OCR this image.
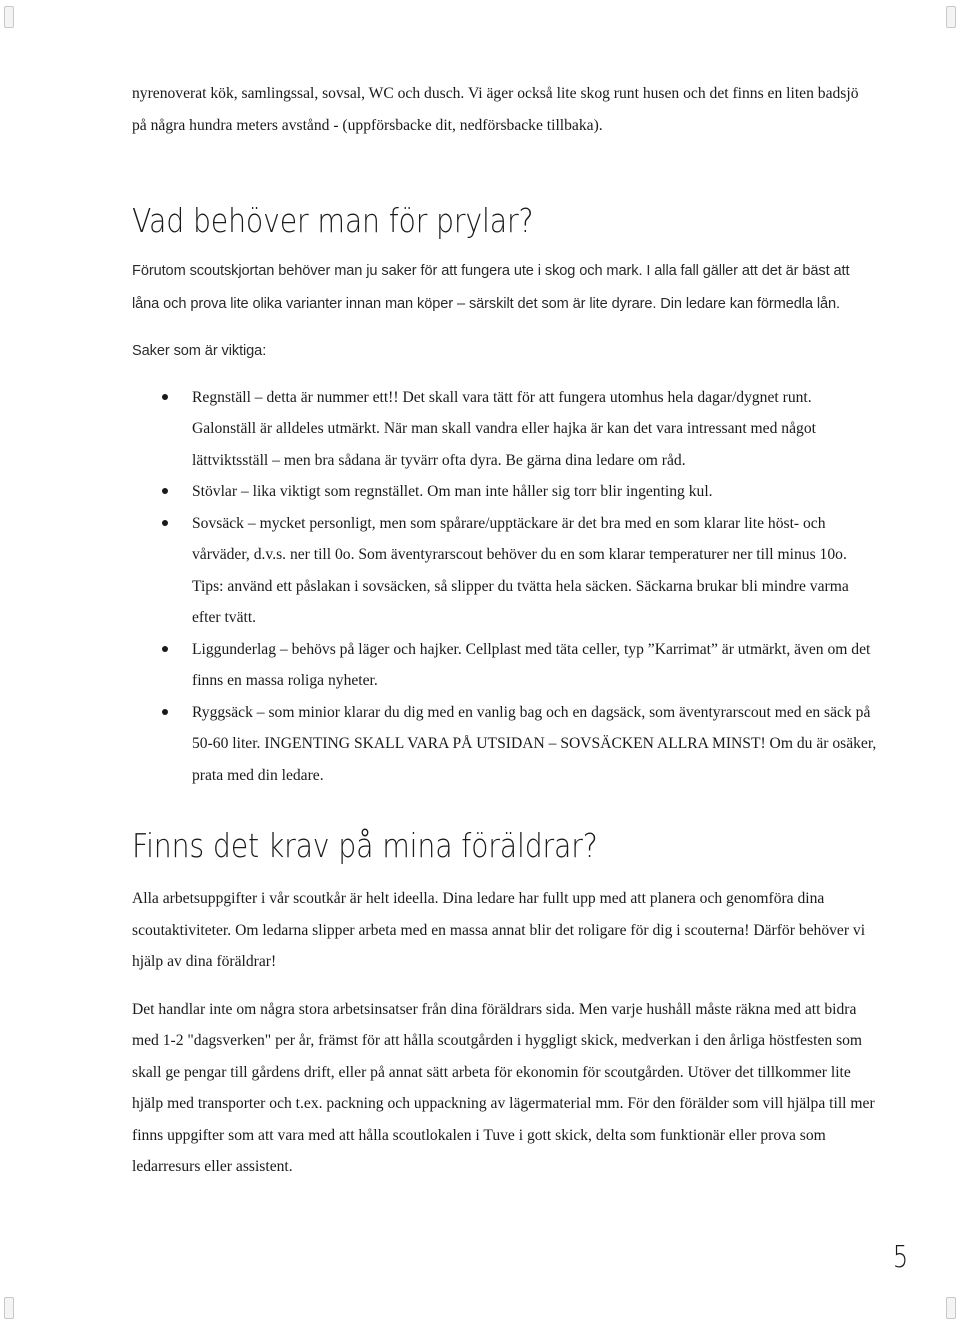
nyrenoverat kök, samlingssal, sovsal, WC och dusch. Vi äger också lite skog runt husen och det finns en liten badsjö på några hundra meters avstånd - (uppförsbacke dit, nedförsbacke tillbaka).

Vad behöver man för prylar?

Förutom scoutskjortan behöver man ju saker för att fungera ute i skog och mark. I alla fall gäller att det är bäst att låna och prova lite olika varianter innan man köper – särskilt det som är lite dyrare. Din ledare kan förmedla lån.

Saker som är viktiga:

Regnställ – detta är nummer ett!! Det skall vara tätt för att fungera utomhus hela dagar/dygnet runt. Galonställ är alldeles utmärkt. När man skall vandra eller hajka är kan det vara intressant med något lättviktsställ – men bra sådana är tyvärr ofta dyra. Be gärna dina ledare om råd.
Stövlar – lika viktigt som regnstället. Om man inte håller sig torr blir ingenting kul.
Sovsäck – mycket personligt, men som spårare/upptäckare är det bra med en som klarar lite höst- och vårväder, d.v.s. ner till 0o. Som äventyrarscout behöver du en som klarar temperaturer ner till minus 10o. Tips: använd ett påslakan i sovsäcken, så slipper du tvätta hela säcken. Säckarna brukar bli mindre varma efter tvätt.
Liggunderlag – behövs på läger och hajker. Cellplast med täta celler, typ ”Karrimat” är utmärkt, även om det finns en massa roliga nyheter.
Ryggsäck – som minior klarar du dig med en vanlig bag och en dagsäck, som äventyrarscout med en säck på 50-60 liter. INGENTING SKALL VARA PÅ UTSIDAN – SOVSÄCKEN ALLRA MINST! Om du är osäker, prata med din ledare.
Finns det krav på mina föräldrar?

Alla arbetsuppgifter i vår scoutkår är helt ideella. Dina ledare har fullt upp med att planera och genomföra dina scoutaktiviteter. Om ledarna slipper arbeta med en massa annat blir det roligare för dig i scouterna! Därför behöver vi hjälp av dina föräldrar!

Det handlar inte om några stora arbetsinsatser från dina föräldrars sida. Men varje hushåll måste räkna med att bidra med 1-2 "dagsverken" per år, främst för att hålla scoutgården i hyggligt skick, medverkan i den årliga höstfesten som skall ge pengar till gårdens drift, eller på annat sätt arbeta för ekonomin för scoutgården. Utöver det tillkommer lite hjälp med transporter och t.ex. packning och uppackning av lägermaterial mm. För den förälder som vill hjälpa till mer finns uppgifter som att vara med att hålla scoutlokalen i Tuve i gott skick, delta som funktionär eller prova som ledarresurs eller assistent.

5
